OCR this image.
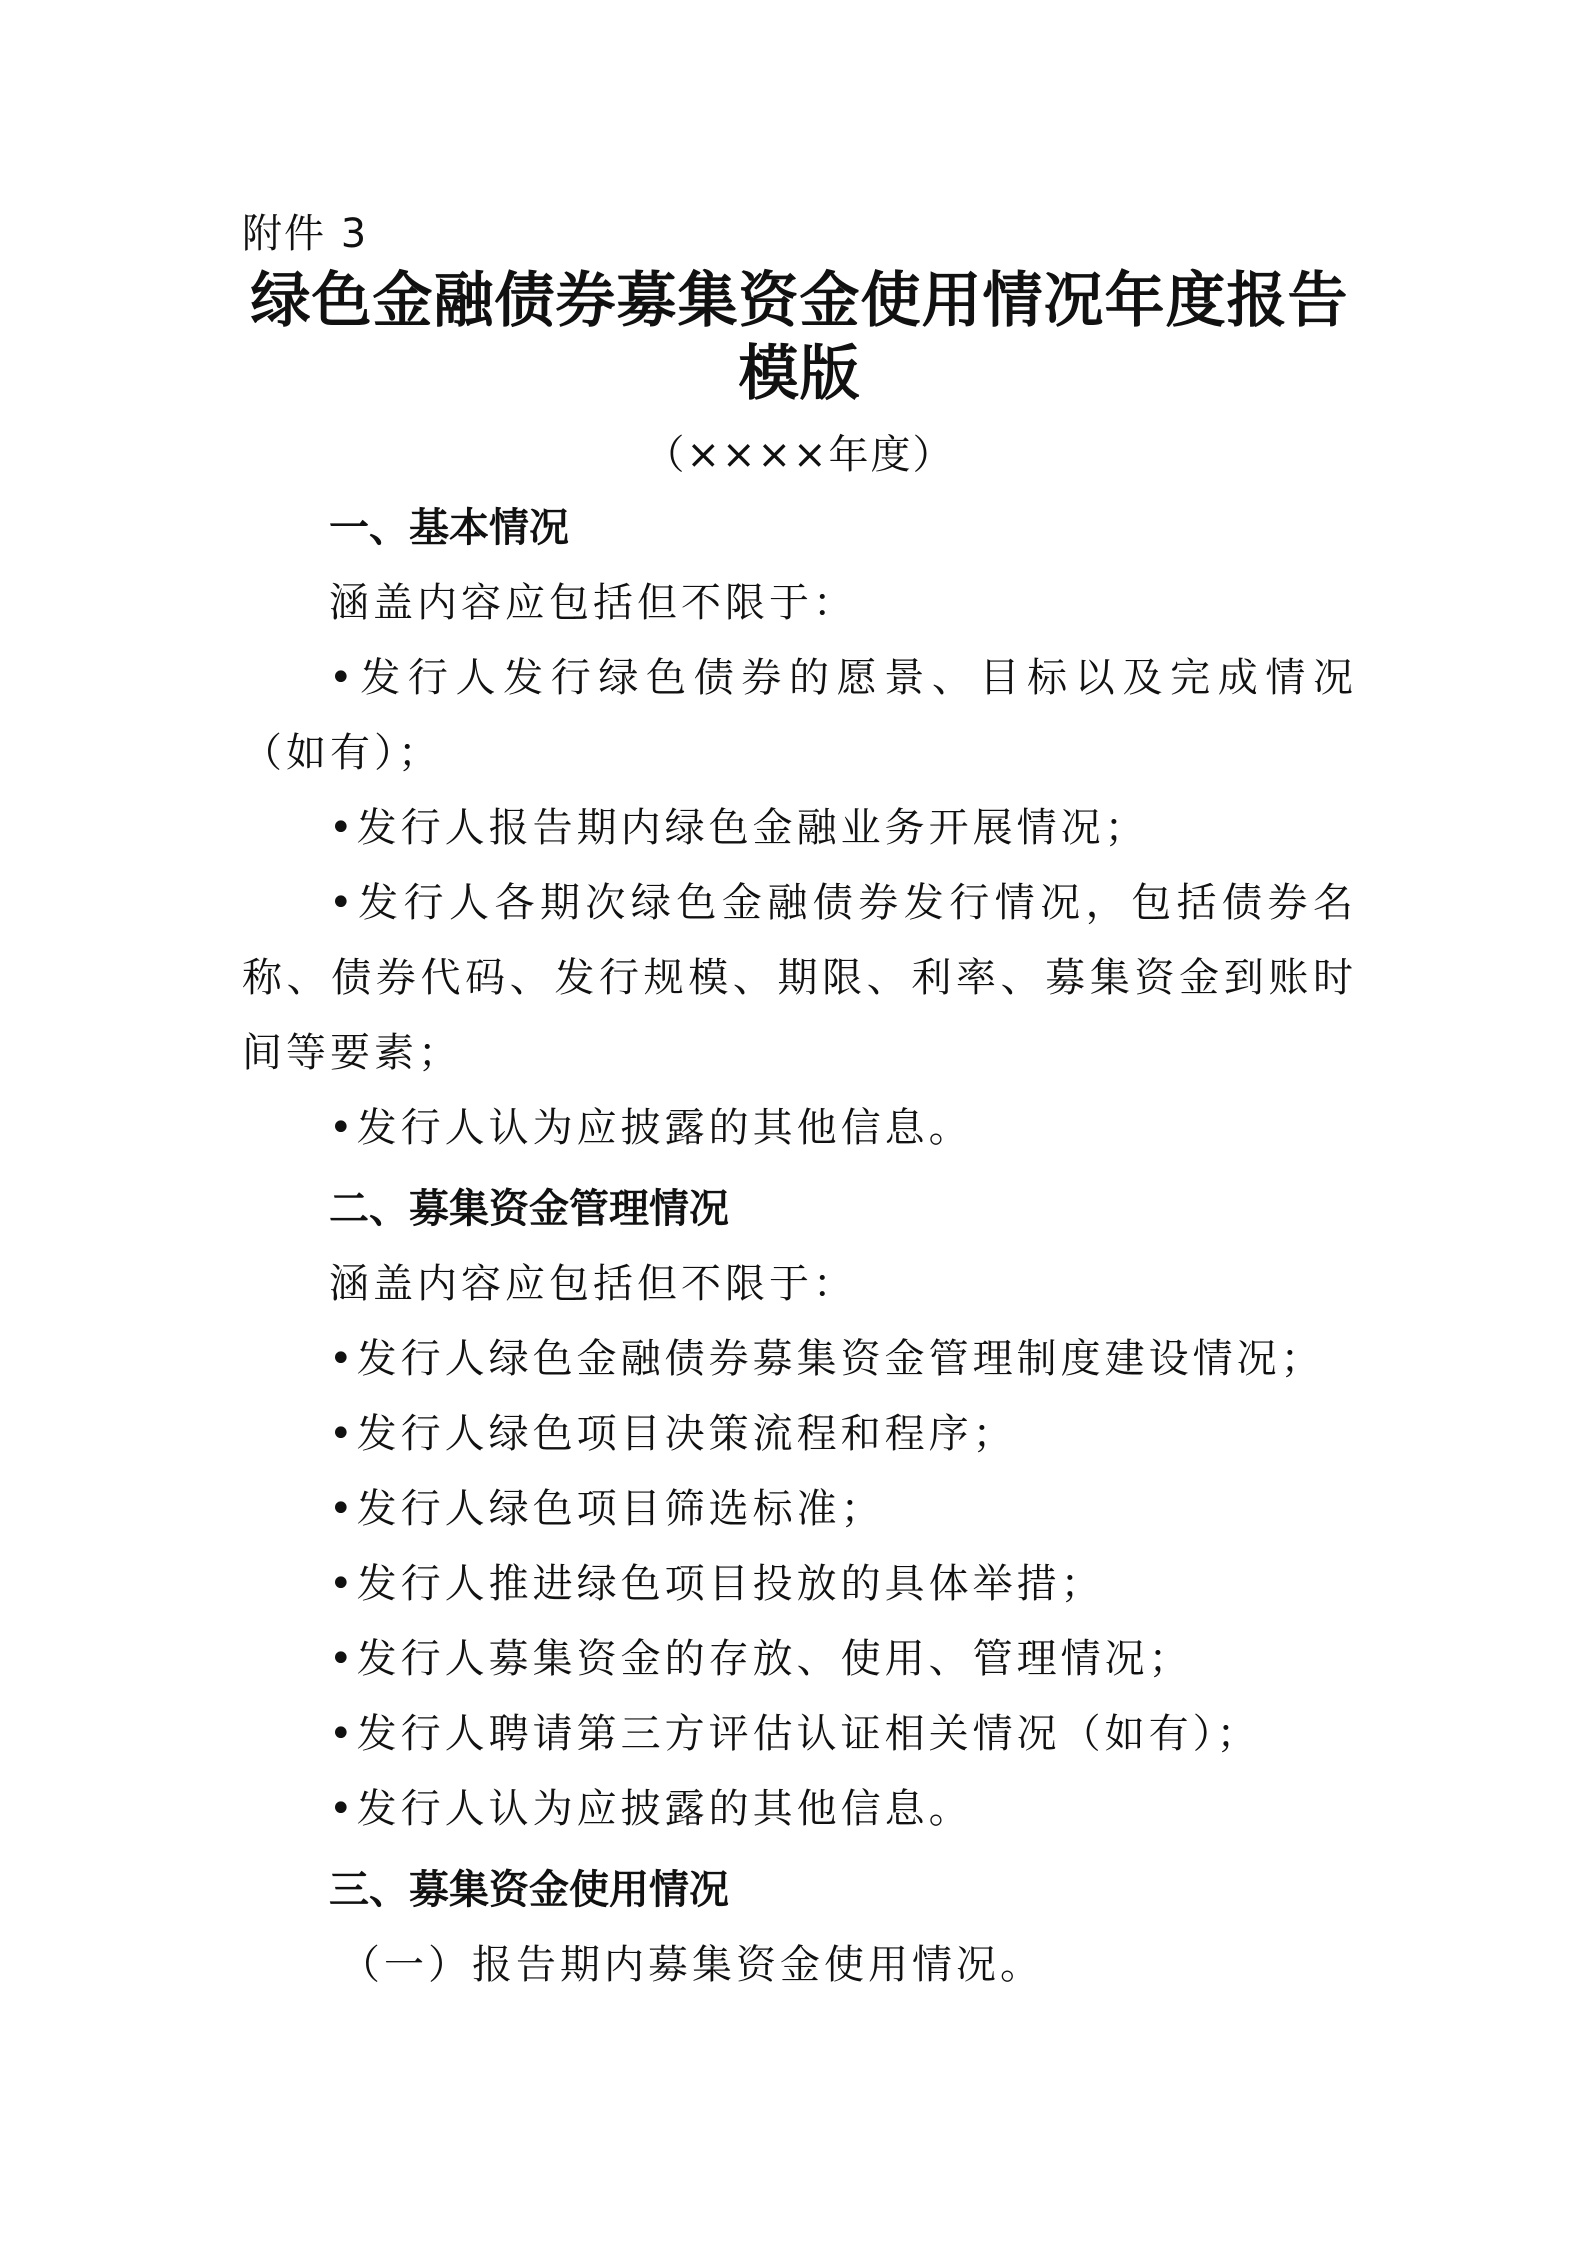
附件 3

绿色金融债券募集资金使用情况年度报告
模版

（××××年度）

一、基本情况

涵盖内容应包括但不限于：

•发行人发行绿色债券的愿景、目标以及完成情况（如有）；

•发行人报告期内绿色金融业务开展情况；

•发行人各期次绿色金融债券发行情况，包括债券名称、债券代码、发行规模、期限、利率、募集资金到账时间等要素；

•发行人认为应披露的其他信息。

二、募集资金管理情况

涵盖内容应包括但不限于：

•发行人绿色金融债券募集资金管理制度建设情况；

•发行人绿色项目决策流程和程序；

•发行人绿色项目筛选标准；

•发行人推进绿色项目投放的具体举措；

•发行人募集资金的存放、使用、管理情况；

•发行人聘请第三方评估认证相关情况（如有）；

•发行人认为应披露的其他信息。

三、募集资金使用情况

（一）报告期内募集资金使用情况。
